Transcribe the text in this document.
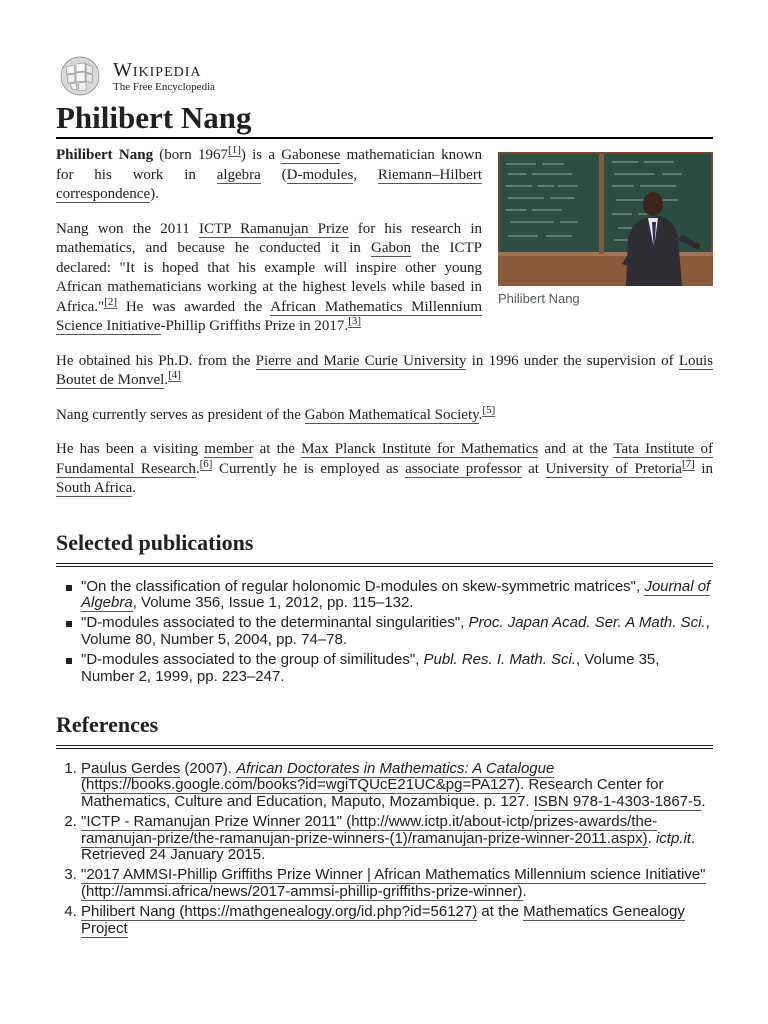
Wikipedia
The Free Encyclopedia
Philibert Nang
Philibert Nang

Philibert Nang (born 1967[1]) is a Gabonese mathematician known for his work in algebra (D-modules, Riemann–Hilbert correspondence).

Nang won the 2011 ICTP Ramanujan Prize for his research in mathematics, and because he conducted it in Gabon the ICTP declared: "It is hoped that his example will inspire other young African mathematicians working at the highest levels while based in Africa."[2] He was awarded the African Mathematics Millennium Science Initiative-Phillip Griffiths Prize in 2017.[3]

He obtained his Ph.D. from the Pierre and Marie Curie University in 1996 under the supervision of Louis Boutet de Monvel.[4]

Nang currently serves as president of the Gabon Mathematical Society.[5]

He has been a visiting member at the Max Planck Institute for Mathematics and at the Tata Institute of Fundamental Research.[6] Currently he is employed as associate professor at University of Pretoria[7] in South Africa.

Selected publications
"On the classification of regular holonomic D-modules on skew-symmetric matrices", Journal of Algebra, Volume 356, Issue 1, 2012, pp. 115–132.
"D-modules associated to the determinantal singularities", Proc. Japan Acad. Ser. A Math. Sci., Volume 80, Number 5, 2004, pp. 74–78.
"D-modules associated to the group of similitudes", Publ. Res. I. Math. Sci., Volume 35, Number 2, 1999, pp. 223–247.
References
1. Paulus Gerdes (2007). African Doctorates in Mathematics: A Catalogue (https://books.google.com/books?id=wgiTQUcE21UC&pg=PA127). Research Center for Mathematics, Culture and Education, Maputo, Mozambique. p. 127. ISBN 978-1-4303-1867-5.
2. "ICTP - Ramanujan Prize Winner 2011" (http://www.ictp.it/about-ictp/prizes-awards/the-ramanujan-prize/the-ramanujan-prize-winners-(1)/ramanujan-prize-winner-2011.aspx). ictp.it. Retrieved 24 January 2015.
3. "2017 AMMSI-Phillip Griffiths Prize Winner | African Mathematics Millennium science Initiative" (http://ammsi.africa/news/2017-ammsi-phillip-griffiths-prize-winner).
4. Philibert Nang (https://mathgenealogy.org/id.php?id=56127) at the Mathematics Genealogy Project
